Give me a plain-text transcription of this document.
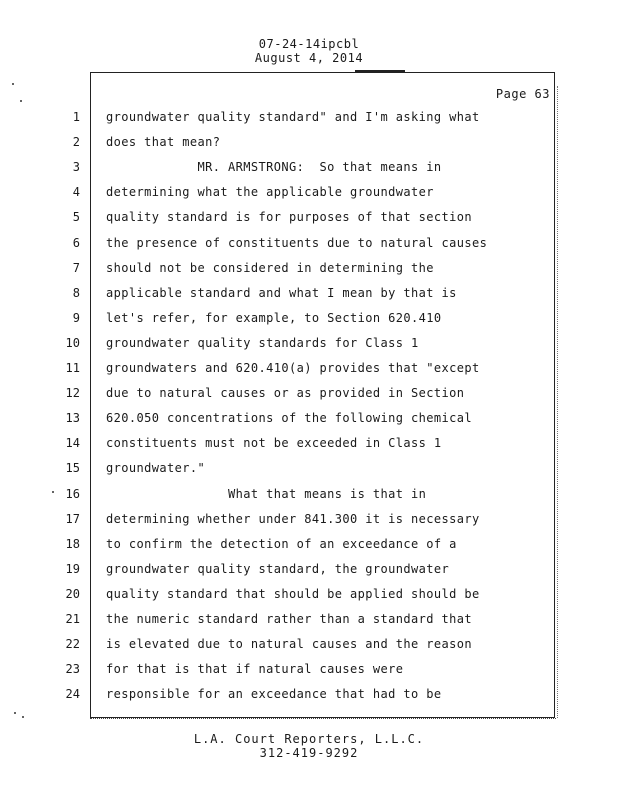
07-24-14ipcbl
August 4, 2014
Page 63
1 groundwater quality standard" and I'm asking what
2 does that mean?
3 MR. ARMSTRONG:  So that means in
4 determining what the applicable groundwater
5 quality standard is for purposes of that section
6 the presence of constituents due to natural causes
7 should not be considered in determining the
8 applicable standard and what I mean by that is
9 let's refer, for example, to Section 620.410
10 groundwater quality standards for Class 1
11 groundwaters and 620.410(a) provides that "except
12 due to natural causes or as provided in Section
13 620.050 concentrations of the following chemical
14 constituents must not be exceeded in Class 1
15 groundwater."
16 What that means is that in
17 determining whether under 841.300 it is necessary
18 to confirm the detection of an exceedance of a
19 groundwater quality standard, the groundwater
20 quality standard that should be applied should be
21 the numeric standard rather than a standard that
22 is elevated due to natural causes and the reason
23 for that is that if natural causes were
24 responsible for an exceedance that had to be
L.A. Court Reporters, L.L.C.
312-419-9292
